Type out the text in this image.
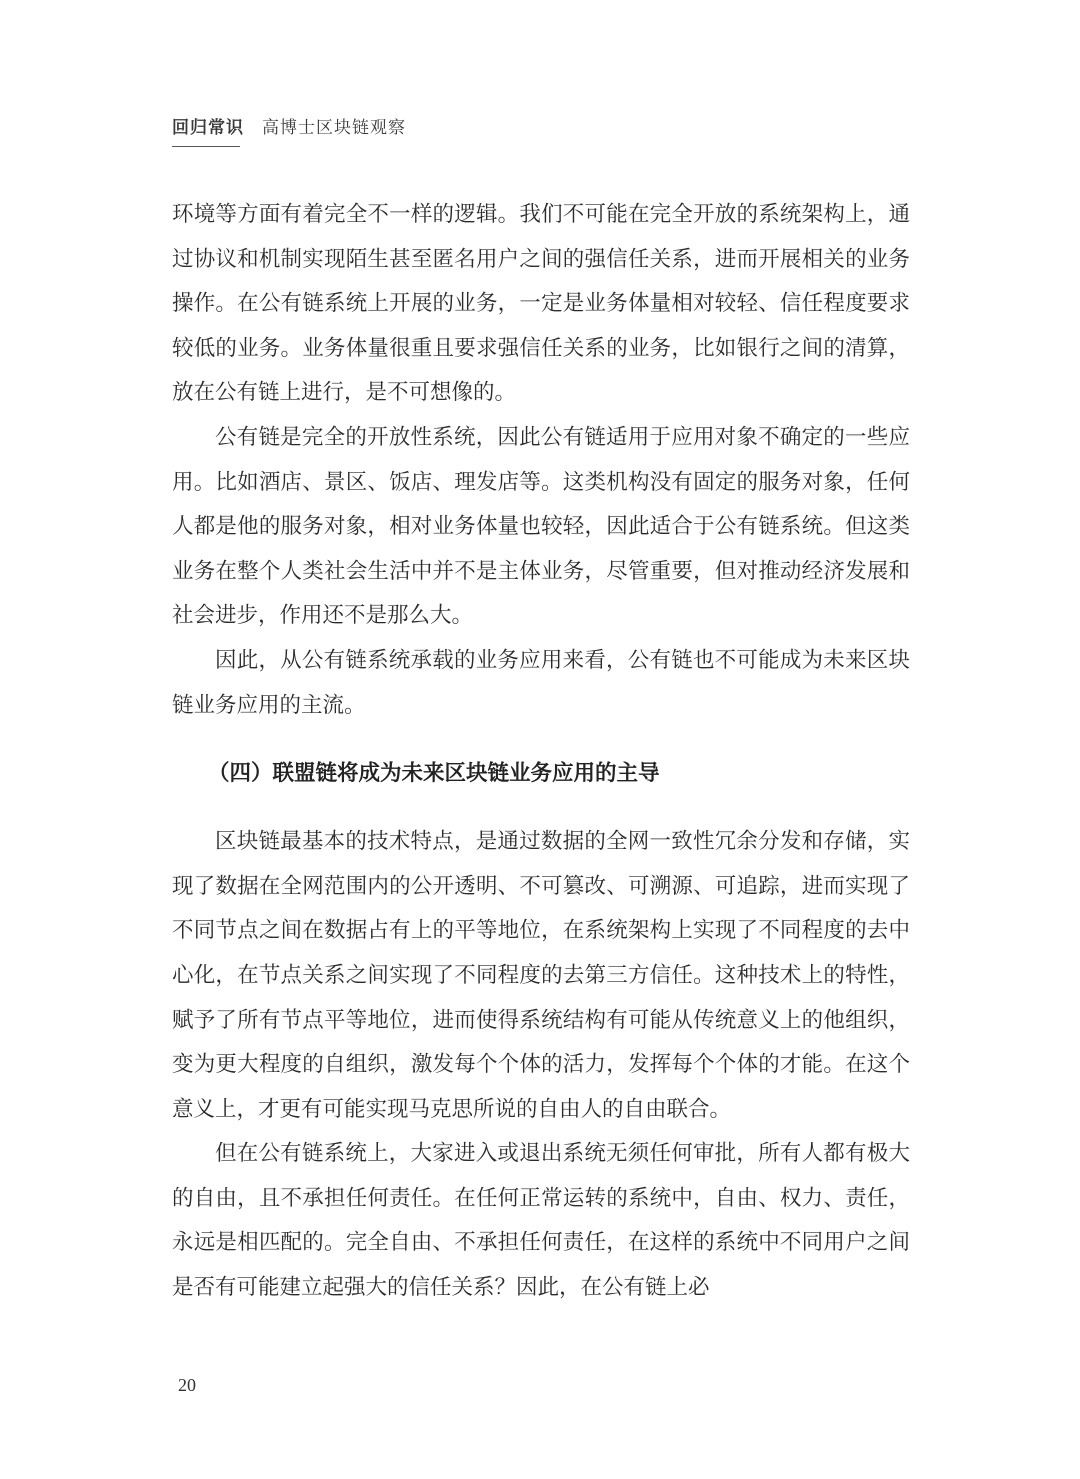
回归常识 高博士区块链观察

环境等方面有着完全不一样的逻辑。我们不可能在完全开放的系统架构上，通过协议和机制实现陌生甚至匿名用户之间的强信任关系，进而开展相关的业务操作。在公有链系统上开展的业务，一定是业务体量相对较轻、信任程度要求较低的业务。业务体量很重且要求强信任关系的业务，比如银行之间的清算，放在公有链上进行，是不可想像的。

公有链是完全的开放性系统，因此公有链适用于应用对象不确定的一些应用。比如酒店、景区、饭店、理发店等。这类机构没有固定的服务对象，任何人都是他的服务对象，相对业务体量也较轻，因此适合于公有链系统。但这类业务在整个人类社会生活中并不是主体业务，尽管重要，但对推动经济发展和社会进步，作用还不是那么大。

因此，从公有链系统承载的业务应用来看，公有链也不可能成为未来区块链业务应用的主流。

（四）联盟链将成为未来区块链业务应用的主导

区块链最基本的技术特点，是通过数据的全网一致性冗余分发和存储，实现了数据在全网范围内的公开透明、不可篡改、可溯源、可追踪，进而实现了不同节点之间在数据占有上的平等地位，在系统架构上实现了不同程度的去中心化，在节点关系之间实现了不同程度的去第三方信任。这种技术上的特性，赋予了所有节点平等地位，进而使得系统结构有可能从传统意义上的他组织，变为更大程度的自组织，激发每个个体的活力，发挥每个个体的才能。在这个意义上，才更有可能实现马克思所说的自由人的自由联合。

但在公有链系统上，大家进入或退出系统无须任何审批，所有人都有极大的自由，且不承担任何责任。在任何正常运转的系统中，自由、权力、责任，永远是相匹配的。完全自由、不承担任何责任，在这样的系统中不同用户之间是否有可能建立起强大的信任关系？因此，在公有链上必

20
